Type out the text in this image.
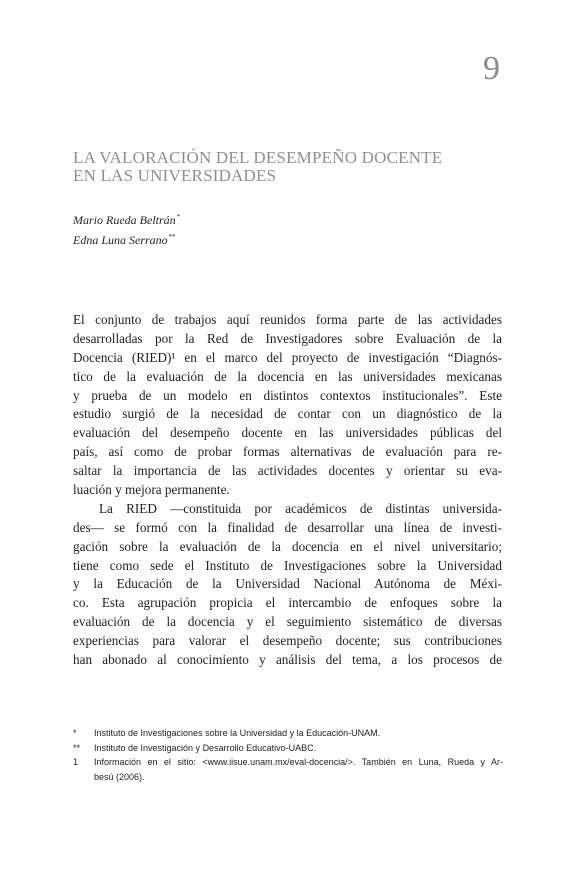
9
LA VALORACIÓN DEL DESEMPEÑO DOCENTE
EN LAS UNIVERSIDADES
Mario Rueda Beltrán*
Edna Luna Serrano**
El conjunto de trabajos aquí reunidos forma parte de las actividades
desarrolladas por la Red de Investigadores sobre Evaluación de la
Docencia (RIED)¹ en el marco del proyecto de investigación “Diagnós-
tico de la evaluación de la docencia en las universidades mexicanas
y prueba de un modelo en distintos contextos institucionales”. Este
estudio surgió de la necesidad de contar con un diagnóstico de la
evaluación del desempeño docente en las universidades públicas del
país, así como de probar formas alternativas de evaluación para re-
saltar la importancia de las actividades docentes y orientar su eva-
luación y mejora permanente.
La RIED —constituida por académicos de distintas universida-
des— se formó con la finalidad de desarrollar una línea de investi-
gación sobre la evaluación de la docencia en el nivel universitario;
tiene como sede el Instituto de Investigaciones sobre la Universidad
y la Educación de la Universidad Nacional Autónoma de Méxi-
co. Esta agrupación propicia el intercambio de enfoques sobre la
evaluación de la docencia y el seguimiento sistemático de diversas
experiencias para valorar el desempeño docente; sus contribuciones
han abonado al conocimiento y análisis del tema, a los procesos de
* Instituto de Investigaciones sobre la Universidad y la Educación-UNAM.
** Instituto de Investigación y Desarrollo Educativo-UABC.
1 Información en el sitio: <www.iisue.unam.mx/eval-docencia/>. También en Luna, Rueda y Ar-
besú (2006).
